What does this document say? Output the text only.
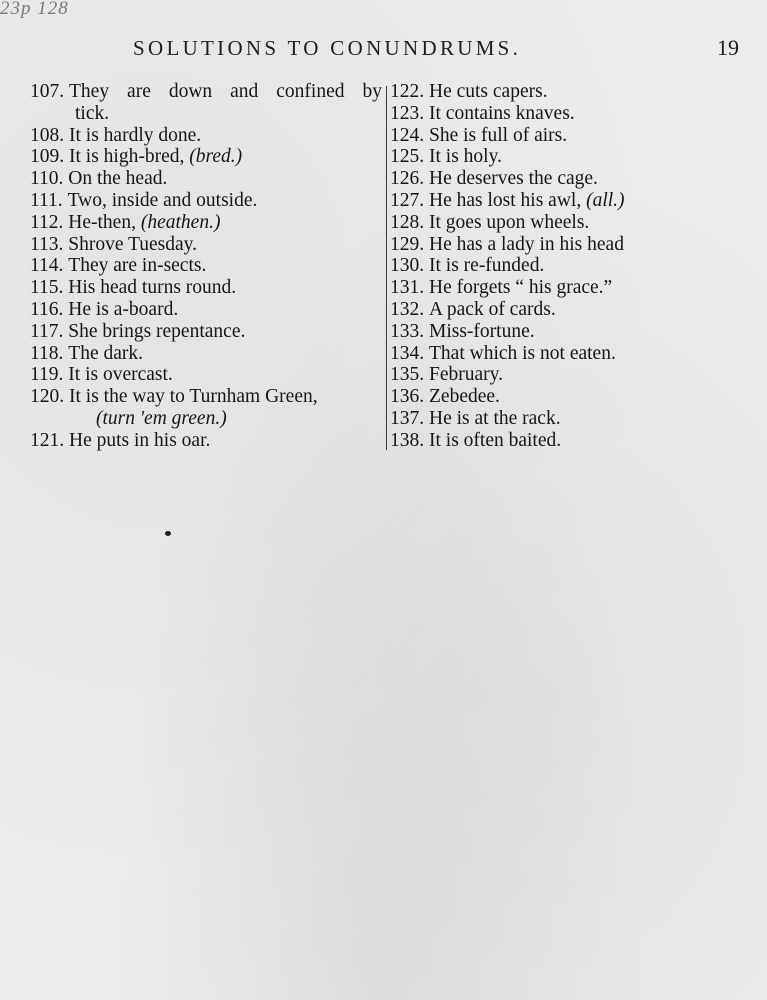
23p 128
SOLUTIONS TO CONUNDRUMS.	19
107.
They are down and confined by
tick.
108.
It is hardly done.
109.
It is high-bred, (bred.)
110.
On the head.
111.
Two, inside and outside.
112.
He-then, (heathen.)
113.
Shrove Tuesday.
114.
They are in-sects.
115.
His head turns round.
116.
He is a-board.
117.
She brings repentance.
118.
The dark.
119.
It is overcast.
120.
It is the way to Turnham Green,
(turn 'em green.)
121.
He puts in his oar.
122.
He cuts capers.
123.
It contains knaves.
124.
She is full of airs.
125.
It is holy.
126.
He deserves the cage.
127.
He has lost his awl, (all.)
128.
It goes upon wheels.
129.
He has a lady in his head
130.
It is re-funded.
131.
He forgets “ his grace.”
132.
A pack of cards.
133.
Miss-fortune.
134.
That which is not eaten.
135.
February.
136.
Zebedee.
137.
He is at the rack.
138.
It is often baited.
